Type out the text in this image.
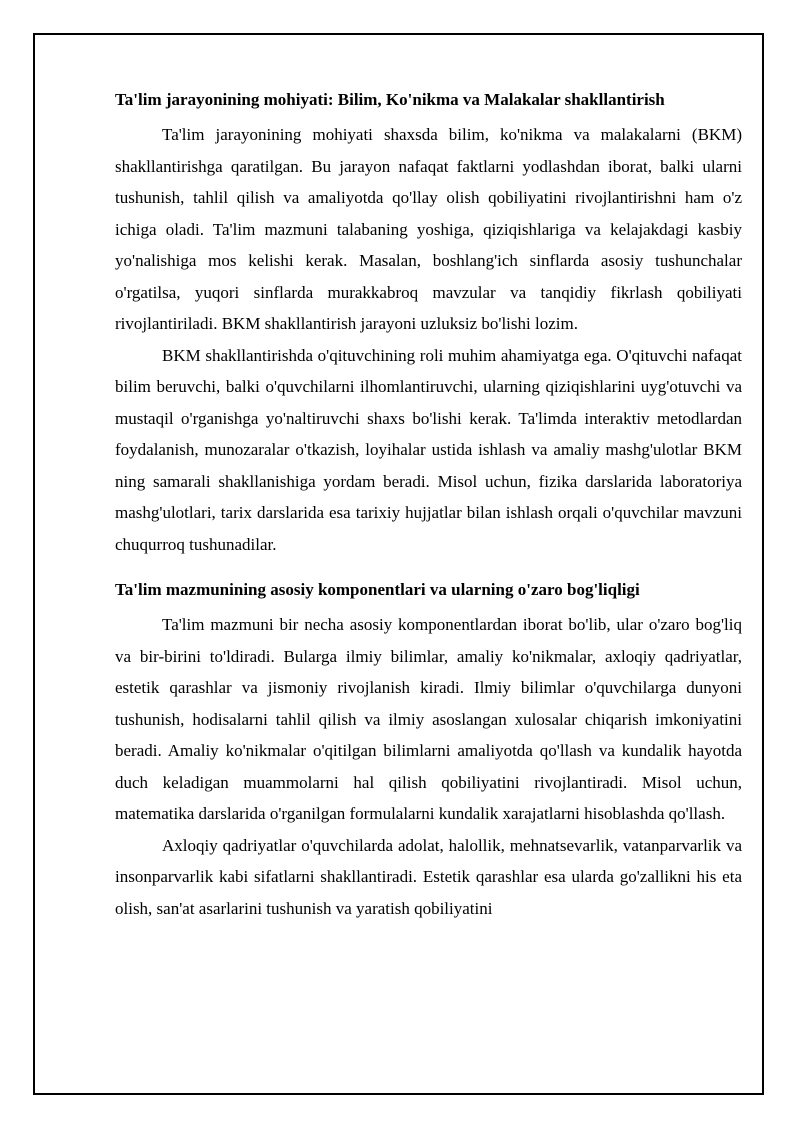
Ta'lim jarayonining mohiyati: Bilim, Ko'nikma va Malakalar shakllantirish

Ta'lim jarayonining mohiyati shaxsda bilim, ko'nikma va malakalarni (BKM) shakllantirishga qaratilgan. Bu jarayon nafaqat faktlarni yodlashdan iborat, balki ularni tushunish, tahlil qilish va amaliyotda qo'llay olish qobiliyatini rivojlantirishni ham o'z ichiga oladi. Ta'lim mazmuni talabaning yoshiga, qiziqishlariga va kelajakdagi kasbiy yo'nalishiga mos kelishi kerak. Masalan, boshlang'ich sinflarda asosiy tushunchalar o'rgatilsa, yuqori sinflarda murakkabroq mavzular va tanqidiy fikrlash qobiliyati rivojlantiriladi. BKM shakllantirish jarayoni uzluksiz bo'lishi lozim.

BKM shakllantirishda o'qituvchining roli muhim ahamiyatga ega. O'qituvchi nafaqat bilim beruvchi, balki o'quvchilarni ilhomlantiruvchi, ularning qiziqishlarini uyg'otuvchi va mustaqil o'rganishga yo'naltiruvchi shaxs bo'lishi kerak. Ta'limda interaktiv metodlardan foydalanish, munozaralar o'tkazish, loyihalar ustida ishlash va amaliy mashg'ulotlar BKM ning samarali shakllanishiga yordam beradi. Misol uchun, fizika darslarida laboratoriya mashg'ulotlari, tarix darslarida esa tarixiy hujjatlar bilan ishlash orqali o'quvchilar mavzuni chuqurroq tushunadilar.

Ta'lim mazmunining asosiy komponentlari va ularning o'zaro bog'liqligi

Ta'lim mazmuni bir necha asosiy komponentlardan iborat bo'lib, ular o'zaro bog'liq va bir-birini to'ldiradi. Bularga ilmiy bilimlar, amaliy ko'nikmalar, axloqiy qadriyatlar, estetik qarashlar va jismoniy rivojlanish kiradi. Ilmiy bilimlar o'quvchilarga dunyoni tushunish, hodisalarni tahlil qilish va ilmiy asoslangan xulosalar chiqarish imkoniyatini beradi. Amaliy ko'nikmalar o'qitilgan bilimlarni amaliyotda qo'llash va kundalik hayotda duch keladigan muammolarni hal qilish qobiliyatini rivojlantiradi. Misol uchun, matematika darslarida o'rganilgan formulalarni kundalik xarajatlarni hisoblashda qo'llash.

Axloqiy qadriyatlar o'quvchilarda adolat, halollik, mehnatsevarlik, vatanparvarlik va insonparvarlik kabi sifatlarni shakllantiradi. Estetik qarashlar esa ularda go'zallikni his eta olish, san'at asarlarini tushunish va yaratish qobiliyatini
